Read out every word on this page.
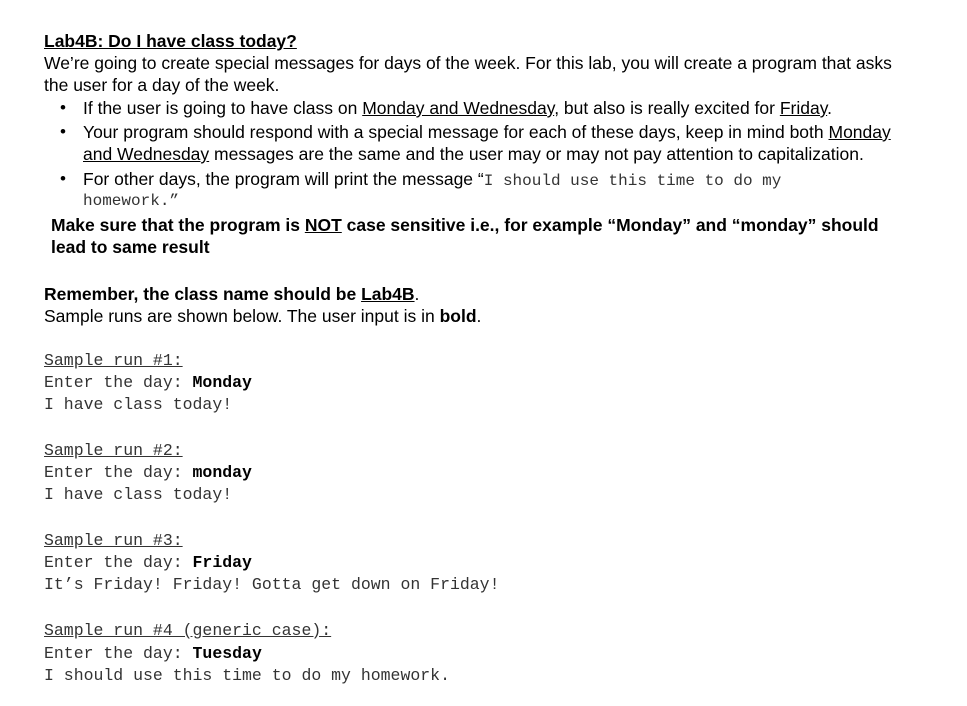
Lab4B: Do I have class today?
We’re going to create special messages for days of the week. For this lab, you will create a program that asks
the user for a day of the week.
• If the user is going to have class on Monday and Wednesday, but also is really excited for Friday.
• Your program should respond with a special message for each of these days, keep in mind both Monday
and Wednesday messages are the same and the user may or may not pay attention to capitalization.
• For other days, the program will print the message “I should use this time to do my
homework.”
Make sure that the program is NOT case sensitive i.e., for example “Monday” and “monday” should
lead to same result
Remember, the class name should be Lab4B.
Sample runs are shown below. The user input is in bold.
Sample run #1:
Enter the day: Monday
I have class today!
Sample run #2:
Enter the day: monday
I have class today!
Sample run #3:
Enter the day: Friday
It’s Friday! Friday! Gotta get down on Friday!
Sample run #4 (generic case):
Enter the day: Tuesday
I should use this time to do my homework.
